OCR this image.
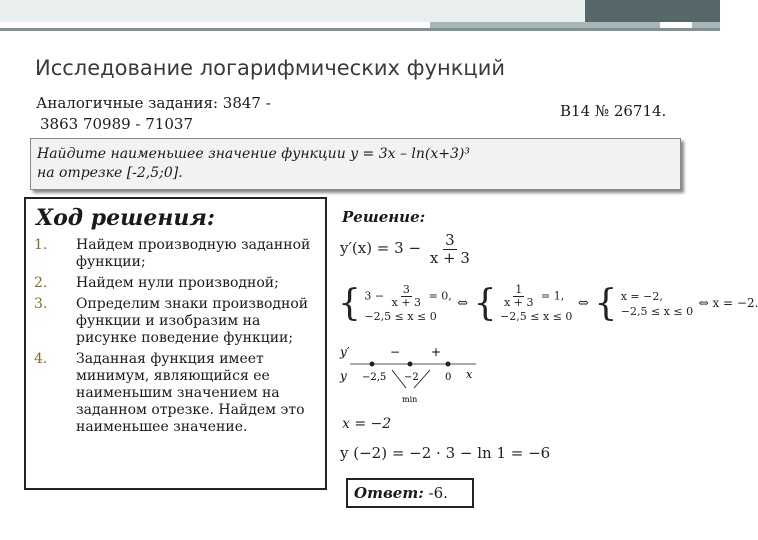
Исследование логарифмических функций
Аналогичные задания: 3847 -
3863 70989 - 71037
В14 № 26714.
Найдите наименьшее значение функции y = 3x – ln(x+3)³
на отрезке [-2,5;0].
Ход решения:
1. Найдем производную заданной функции;
2. Найдем нули производной;
3. Определим знаки производной функции и изобразим на рисунке поведение функции;
4. Заданная функция имеет минимум, являющийся ее наименьшим значением на заданном отрезке. Найдем это наименьшее значение.
Решение:
$y'(x) = 3 - \frac{3}{x + 3}$
{ $3 - \frac{3}{x + 3} = 0$,
−2,5 ≤ x ≤ 0
⇔ { $\frac{1}{x + 3} = 1$,
−2,5 ≤ x ≤ 0
⇔ { x = −2,
−2,5 ≤ x ≤ 0
⇔ x = −2.
y′
y
−	+
x
−2,5 −2	0
min
x = −2
y (−2) = −2 · 3 − ln 1 = −6
Ответ: -6.
